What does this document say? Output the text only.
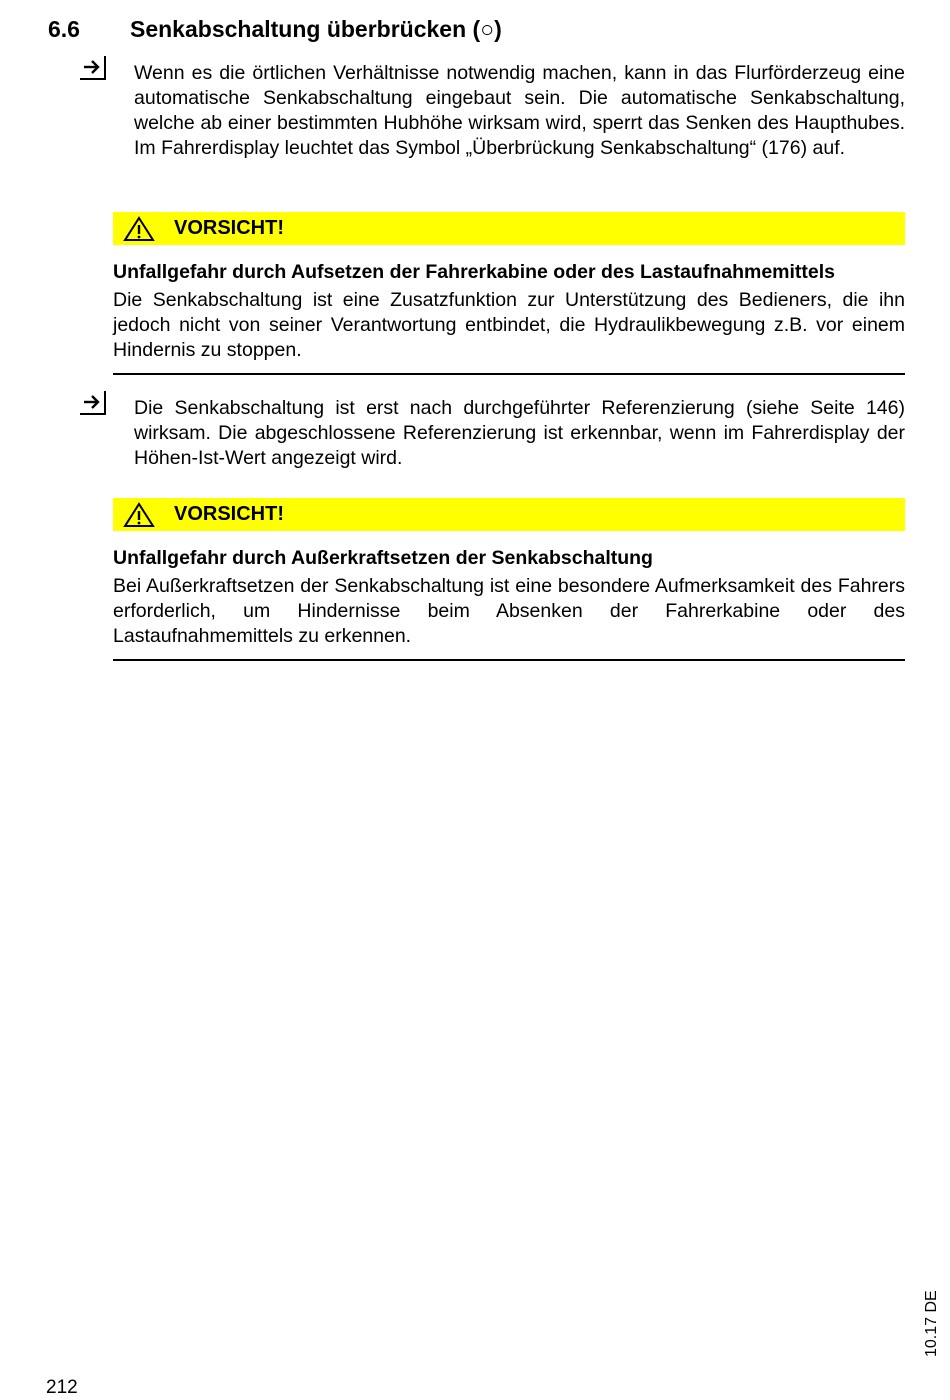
6.6 Senkabschaltung überbrücken (○)
Wenn es die örtlichen Verhältnisse notwendig machen, kann in das Flurförderzeug eine automatische Senkabschaltung eingebaut sein. Die automatische Senkabschaltung, welche ab einer bestimmten Hubhöhe wirksam wird, sperrt das Senken des Haupthubes. Im Fahrerdisplay leuchtet das Symbol „Überbrückung Senkabschaltung“ (176) auf.
VORSICHT!
Unfallgefahr durch Aufsetzen der Fahrerkabine oder des Lastaufnahmemittels
Die Senkabschaltung ist eine Zusatzfunktion zur Unterstützung des Bedieners, die ihn jedoch nicht von seiner Verantwortung entbindet, die Hydraulikbewegung z.B. vor einem Hindernis zu stoppen.
Die Senkabschaltung ist erst nach durchgeführter Referenzierung (siehe Seite 146) wirksam. Die abgeschlossene Referenzierung ist erkennbar, wenn im Fahrerdisplay der Höhen-Ist-Wert angezeigt wird.
VORSICHT!
Unfallgefahr durch Außerkraftsetzen der Senkabschaltung
Bei Außerkraftsetzen der Senkabschaltung ist eine besondere Aufmerksamkeit des Fahrers erforderlich, um Hindernisse beim Absenken der Fahrerkabine oder des Lastaufnahmemittels zu erkennen.
212
10.17 DE
